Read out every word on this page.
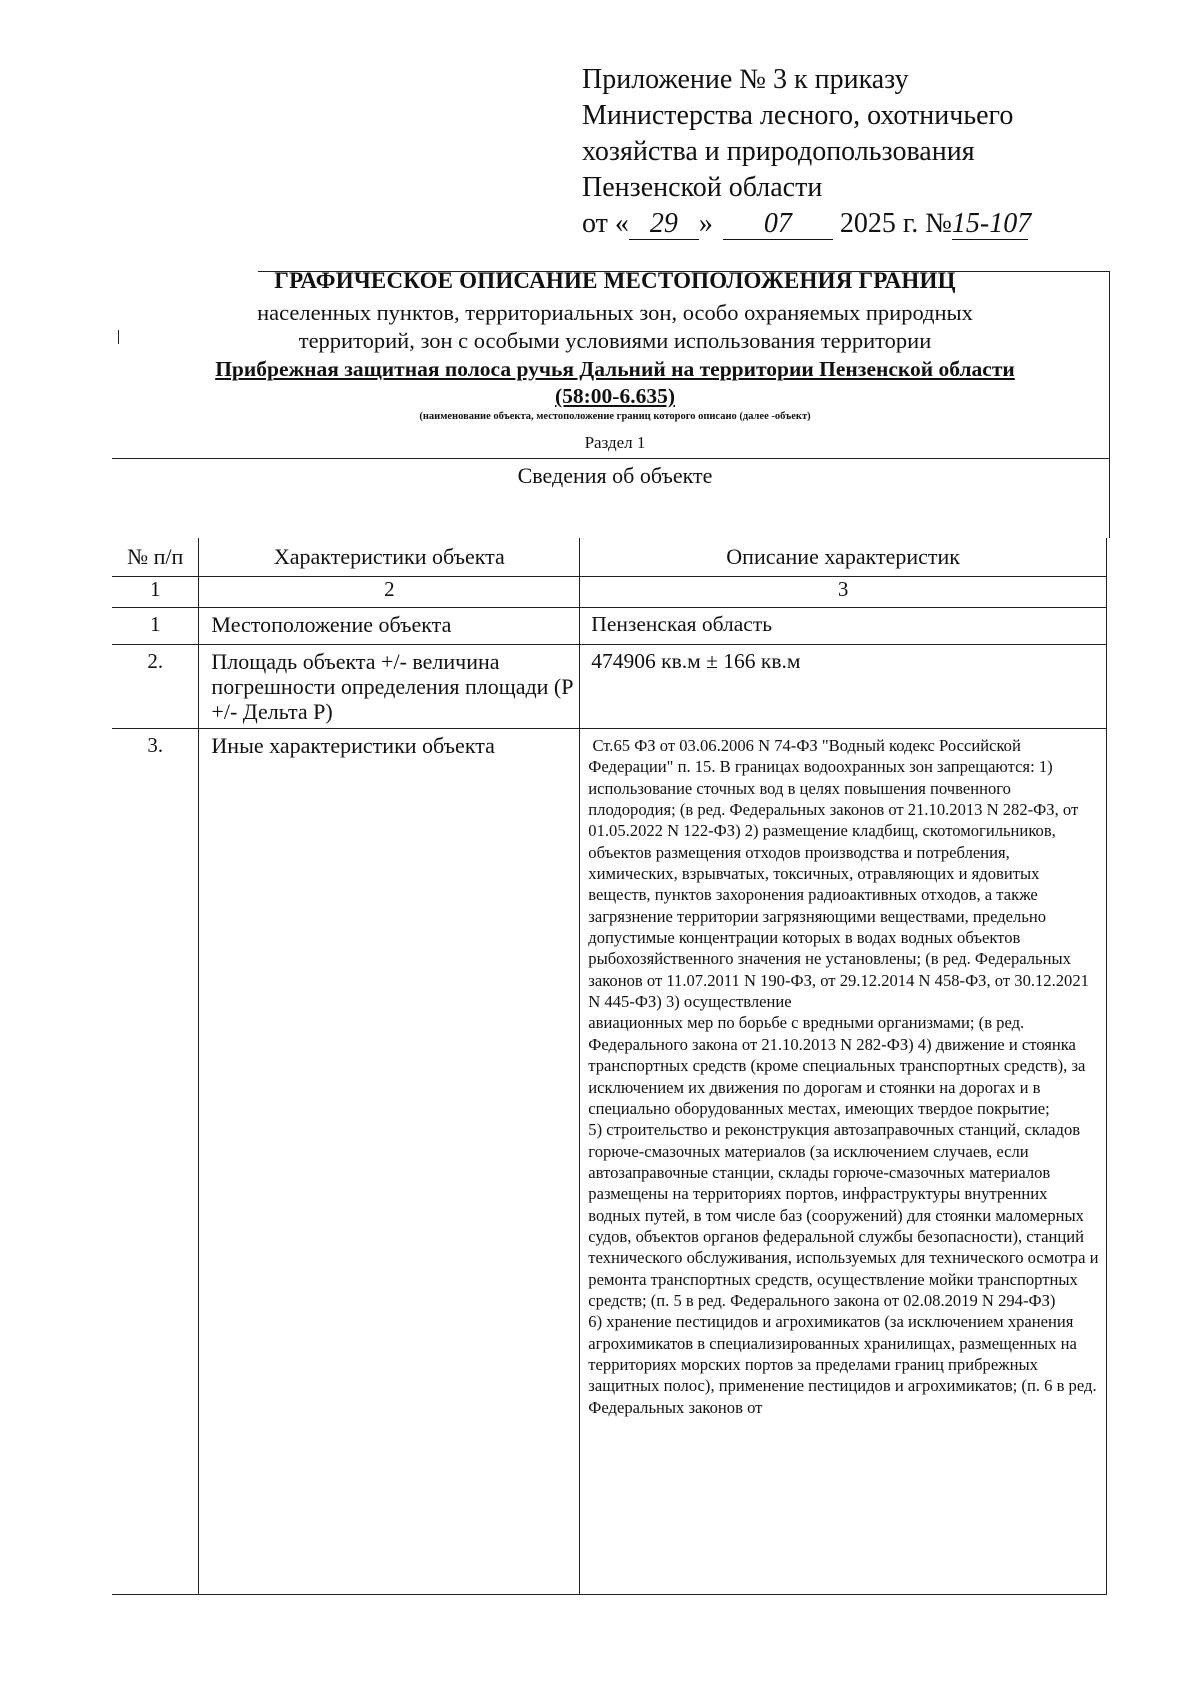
Приложение № 3 к приказу
Министерства лесного, охотничьего
хозяйства и природопользования
Пензенской области
от « 29 » 07 2025 г. №15-107
ГРАФИЧЕСКОЕ ОПИСАНИЕ МЕСТОПОЛОЖЕНИЯ ГРАНИЦ
населенных пунктов, территориальных зон, особо охраняемых природных
территорий, зон с особыми условиями использования территории
Прибрежная защитная полоса ручья Дальний на территории Пензенской области
(58:00-6.635)
(наименование объекта, местоположение границ которого описано (далее -объект)
Раздел 1
Сведения об объекте
№ п/п	Характеристики объекта	Описание характеристик
1	2	3
1	Местоположение объекта	Пензенская область
2.	Площадь объекта +/- величина погрешности определения площади (P +/- Дельта P)	474906 кв.м ± 166 кв.м
3.	Иные характеристики объекта	Ст.65 ФЗ от 03.06.2006 N 74-ФЗ "Водный кодекс Российской Федерации" п. 15. В границах водоохранных зон запрещаются: 1) использование сточных вод в целях повышения почвенного плодородия; (в ред. Федеральных законов от 21.10.2013 N 282-ФЗ, от 01.05.2022 N 122-ФЗ) 2) размещение кладбищ, скотомогильников, объектов размещения отходов производства и потребления, химических, взрывчатых, токсичных, отравляющих и ядовитых веществ, пунктов захоронения радиоактивных отходов, а также загрязнение территории загрязняющими веществами, предельно допустимые концентрации которых в водах водных объектов рыбохозяйственного значения не установлены; (в ред. Федеральных законов от 11.07.2011 N 190-ФЗ, от 29.12.2014 N 458-ФЗ, от 30.12.2021 N 445-ФЗ) 3) осуществление
авиационных мер по борьбе с вредными организмами; (в ред. Федерального закона от 21.10.2013 N 282-ФЗ) 4) движение и стоянка транспортных средств (кроме специальных транспортных средств), за исключением их движения по дорогам и стоянки на дорогах и в специально оборудованных местах, имеющих твердое покрытие;
5) строительство и реконструкция автозаправочных станций, складов горюче-смазочных материалов (за исключением случаев, если автозаправочные станции, склады горюче-смазочных материалов размещены на территориях портов, инфраструктуры внутренних водных путей, в том числе баз (сооружений) для стоянки маломерных судов, объектов органов федеральной службы безопасности), станций технического обслуживания, используемых для технического осмотра и ремонта транспортных средств, осуществление мойки транспортных средств; (п. 5 в ред. Федерального закона от 02.08.2019 N 294-ФЗ)                 6) хранение пестицидов и агрохимикатов (за исключением хранения агрохимикатов в специализированных хранилищах, размещенных на территориях морских портов за пределами границ прибрежных защитных полос), применение пестицидов и агрохимикатов; (п. 6 в ред. Федеральных законов от
